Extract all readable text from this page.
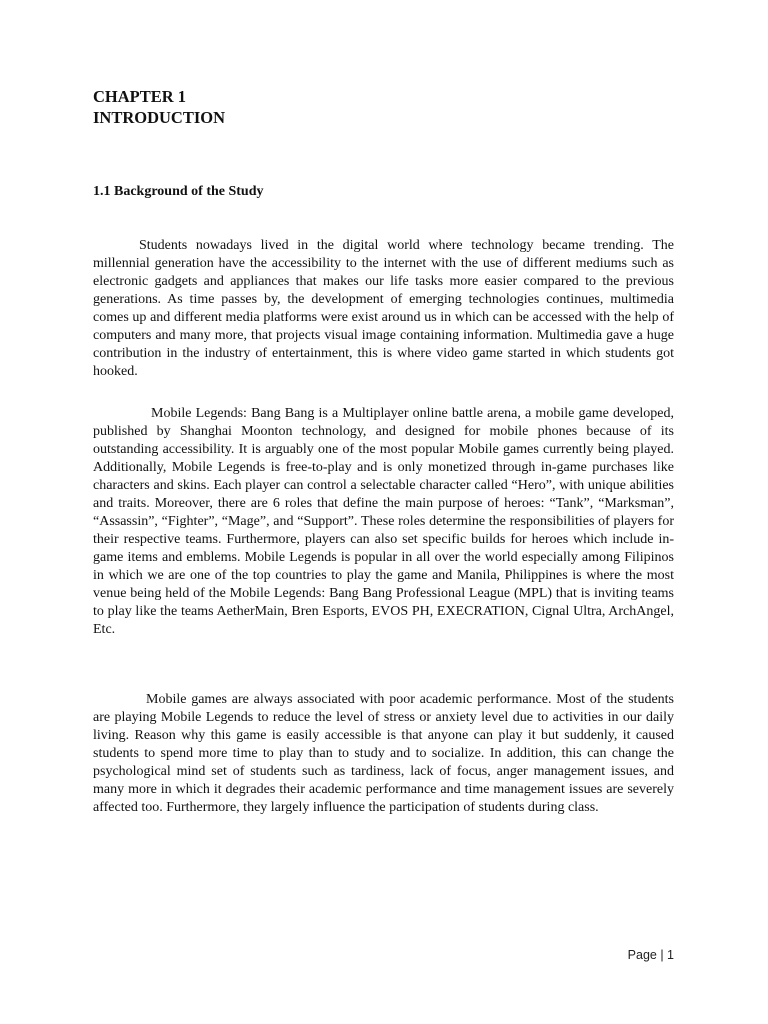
CHAPTER 1
INTRODUCTION
1.1 Background of the Study

Students nowadays lived in the digital world where technology became trending. The millennial generation have the accessibility to the internet with the use of different mediums such as electronic gadgets and appliances that makes our life tasks more easier compared to the previous generations. As time passes by, the development of emerging technologies continues, multimedia comes up and different media platforms were exist around us in which can be accessed with the help of computers and many more, that projects visual image containing information. Multimedia gave a huge contribution in the industry of entertainment, this is where video game started in which students got hooked.

Mobile Legends: Bang Bang is a Multiplayer online battle arena, a mobile game developed, published by Shanghai Moonton technology, and designed for mobile phones because of its outstanding accessibility. It is arguably one of the most popular Mobile games currently being played. Additionally, Mobile Legends is free-to-play and is only monetized through in-game purchases like characters and skins. Each player can control a selectable character called “Hero”, with unique abilities and traits. Moreover, there are 6 roles that define the main purpose of heroes: “Tank”, “Marksman”, “Assassin”, “Fighter”, “Mage”, and “Support”. These roles determine the responsibilities of players for their respective teams. Furthermore, players can also set specific builds for heroes which include in-game items and emblems. Mobile Legends is popular in all over the world especially among Filipinos in which we are one of the top countries to play the game and Manila, Philippines is where the most venue being held of the Mobile Legends: Bang Bang Professional League (MPL) that is inviting teams to play like the teams AetherMain, Bren Esports, EVOS PH, EXECRATION, Cignal Ultra, ArchAngel, Etc.

Mobile games are always associated with poor academic performance. Most of the students are playing Mobile Legends to reduce the level of stress or anxiety level due to activities in our daily living. Reason why this game is easily accessible is that anyone can play it but suddenly, it caused students to spend more time to play than to study and to socialize. In addition, this can change the psychological mind set of students such as tardiness, lack of focus, anger management issues, and many more in which it degrades their academic performance and time management issues are severely affected too. Furthermore, they largely influence the participation of students during class.

Page | 1
